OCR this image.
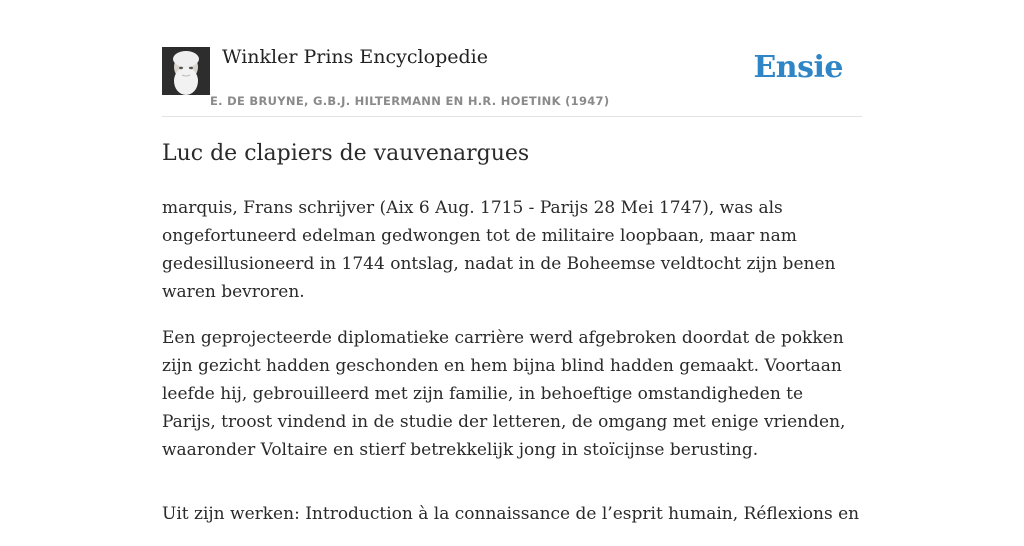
Winkler Prins Encyclopedie
E. DE BRUYNE, G.B.J. HILTERMANN EN H.R. HOETINK (1947)
Ensie
Luc de clapiers de vauvenargues

marquis, Frans schrijver (Aix 6 Aug. 1715 - Parijs 28 Mei 1747), was als ongefortuneerd edelman gedwongen tot de militaire loopbaan, maar nam gedesillusioneerd in 1744 ontslag, nadat in de Boheemse veldtocht zijn benen waren bevroren.

Een geprojecteerde diplomatieke carrière werd afgebroken doordat de pokken zijn gezicht hadden geschonden en hem bijna blind hadden gemaakt. Voortaan leefde hij, gebrouilleerd met zijn familie, in behoeftige omstandigheden te Parijs, troost vindend in de studie der letteren, de omgang met enige vrienden, waaronder Voltaire en stierf betrekkelijk jong in stoïcijnse berusting.

Uit zijn werken: Introduction à la connaissance de l’esprit humain, Réflexions en
